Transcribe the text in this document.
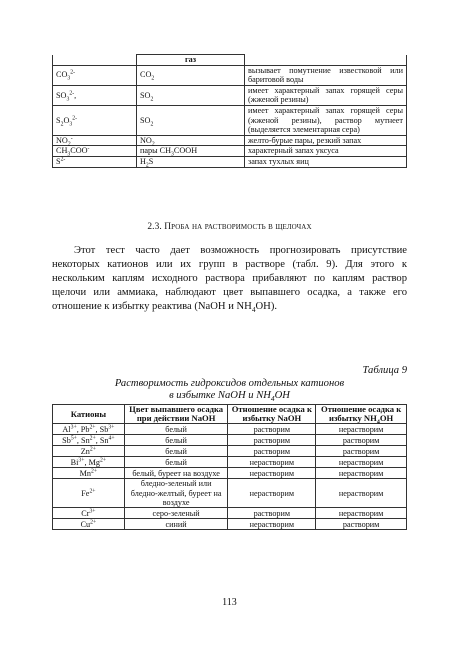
	газ	
$CO_3^{2-}$	$CO_2$	вызывает помутнение известковой или баритовой воды
$SO_3^{2-}$,	$SO_2$	имеет характерный запах горящей серы (жженой резины)
$S_2O_3^{2-}$	$SO_2$	имеет характерный запах горящей серы (жженой резины), раствор мутнеет (выделяется элементарная сера)
$NO_2^-$	$NO_2$	желто-бурые пары, резкий запах
$CH_3COO^-$	пары $CH_3COOH$	характерный запах уксуса
$S^{2-}$	$H_2S$	запах тухлых яиц
2.3. Проба на растворимость в щелочах

Этот тест часто дает возможность прогнозировать присутствие некоторых катионов или их групп в растворе (табл. 9). Для этого к нескольким каплям исходного раствора прибавляют по каплям раствор щелочи или аммиака, наблюдают цвет выпавшего осадка, а также его отношение к избытку реактива (NaOH и $NH_4OH$).

Таблица 9
Растворимость гидроксидов отдельных катионов
в избытке NaOH и $NH_4OH$
Катионы	Цвет выпавшего осадка при действии NaOH	Отношение осадка к избытку NaOH	Отношение осадка к избытку $NH_4OH$
$Al^{3+}$, $Pb^{2+}$, $Sb^{3+}$	белый	растворим	нерастворим
$Sb^{5+}$, $Sn^{2+}$, $Sn^{4+}$	белый	растворим	растворим
$Zn^{2+}$	белый	растворим	растворим
$Bi^{3+}$, $Mg^{2+}$	белый	нерастворим	нерастворим
$Mn^{2+}$	белый, буреет на воздухе	нерастворим	нерастворим
$Fe^{2+}$	бледно-зеленый или бледно-желтый, буреет на воздухе	нерастворим	нерастворим
$Cr^{3+}$	серо-зеленый	растворим	нерастворим
$Cu^{2+}$	синий	нерастворим	растворим
113
